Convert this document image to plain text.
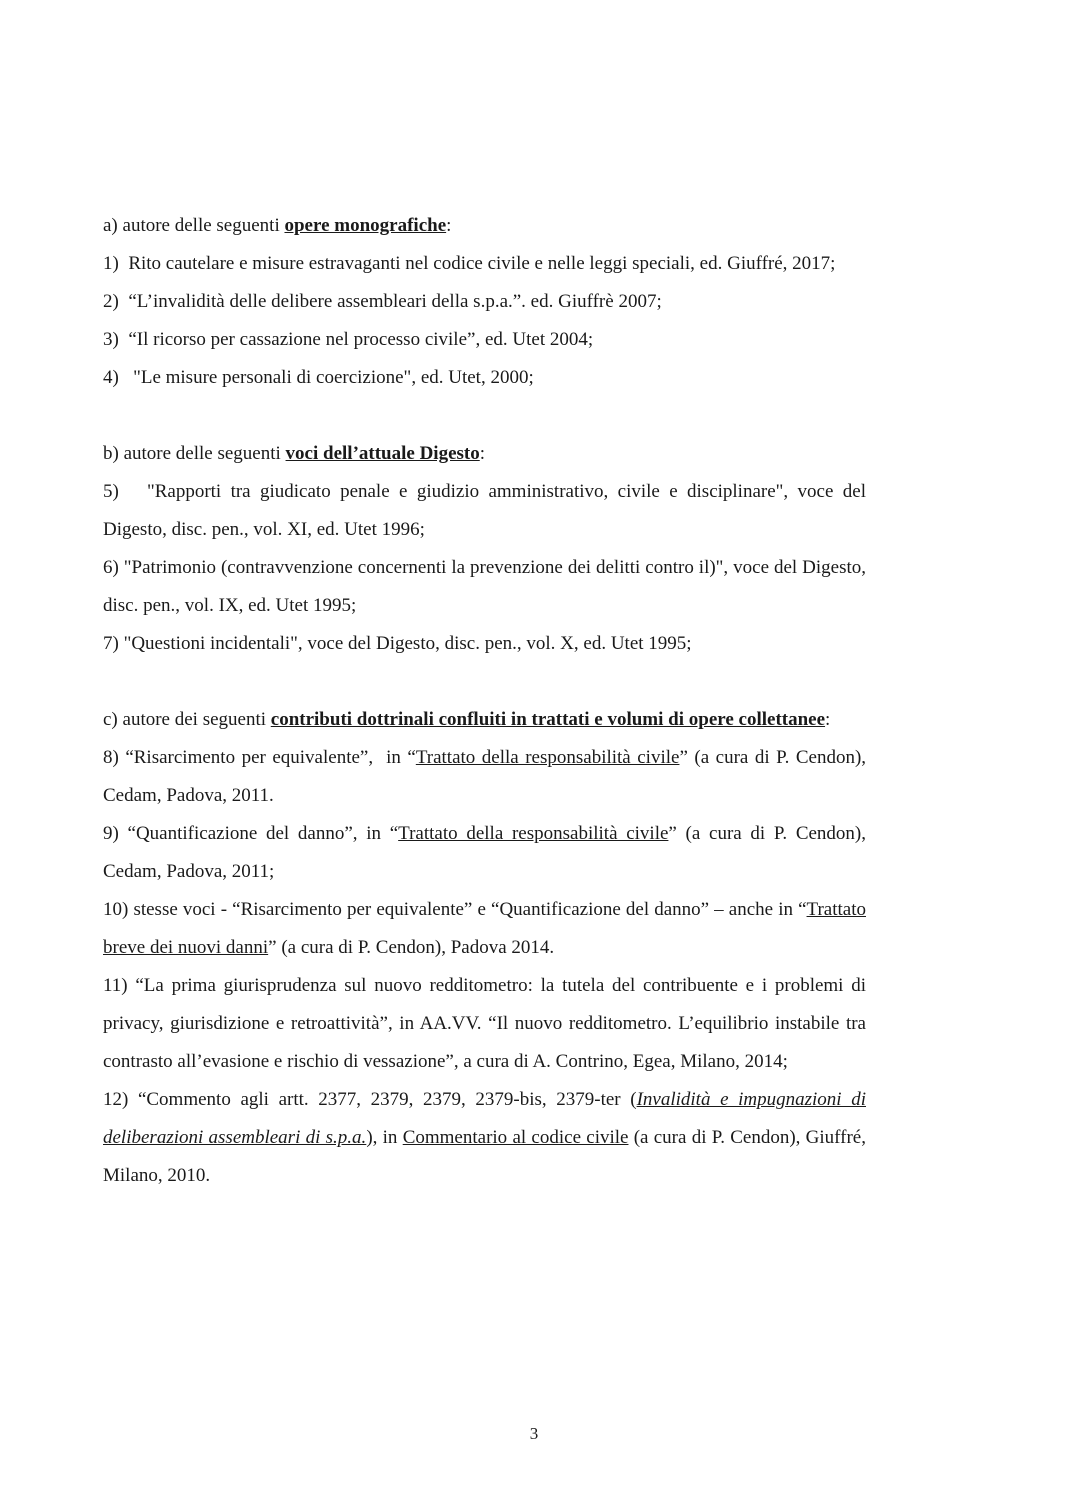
a) autore delle seguenti opere monografiche:

1)  Rito cautelare e misure estravaganti nel codice civile e nelle leggi speciali, ed. Giuffré, 2017;

2)  “L’invalidità delle delibere assembleari della s.p.a.”. ed. Giuffrè 2007;

3)  “Il ricorso per cassazione nel processo civile”, ed. Utet 2004;

4)   "Le misure personali di coercizione", ed. Utet, 2000;

b) autore delle seguenti voci dell’attuale Digesto:

5)   "Rapporti tra giudicato penale e giudizio amministrativo, civile e disciplinare", voce del Digesto, disc. pen., vol. XI, ed. Utet 1996;

6) "Patrimonio (contravvenzione concernenti la prevenzione dei delitti contro il)", voce del Digesto, disc. pen., vol. IX, ed. Utet 1995;

7) "Questioni incidentali", voce del Digesto, disc. pen., vol. X, ed. Utet 1995;

c) autore dei seguenti contributi dottrinali confluiti in trattati e volumi di opere collettanee:

8) “Risarcimento per equivalente”,  in “Trattato della responsabilità civile” (a cura di P. Cendon), Cedam, Padova, 2011.

9) “Quantificazione del danno”, in “Trattato della responsabilità civile” (a cura di P. Cendon), Cedam, Padova, 2011;

10) stesse voci - “Risarcimento per equivalente” e “Quantificazione del danno” – anche in “Trattato breve dei nuovi danni” (a cura di P. Cendon), Padova 2014.

11) “La prima giurisprudenza sul nuovo redditometro: la tutela del contribuente e i problemi di privacy, giurisdizione e retroattività”, in AA.VV. “Il nuovo redditometro. L’equilibrio instabile tra contrasto all’evasione e rischio di vessazione”, a cura di A. Contrino, Egea, Milano, 2014;

12) “Commento agli artt. 2377, 2379, 2379, 2379-bis, 2379-ter (Invalidità e impugnazioni di deliberazioni assembleari di s.p.a.), in Commentario al codice civile (a cura di P. Cendon), Giuffré, Milano, 2010.

3
